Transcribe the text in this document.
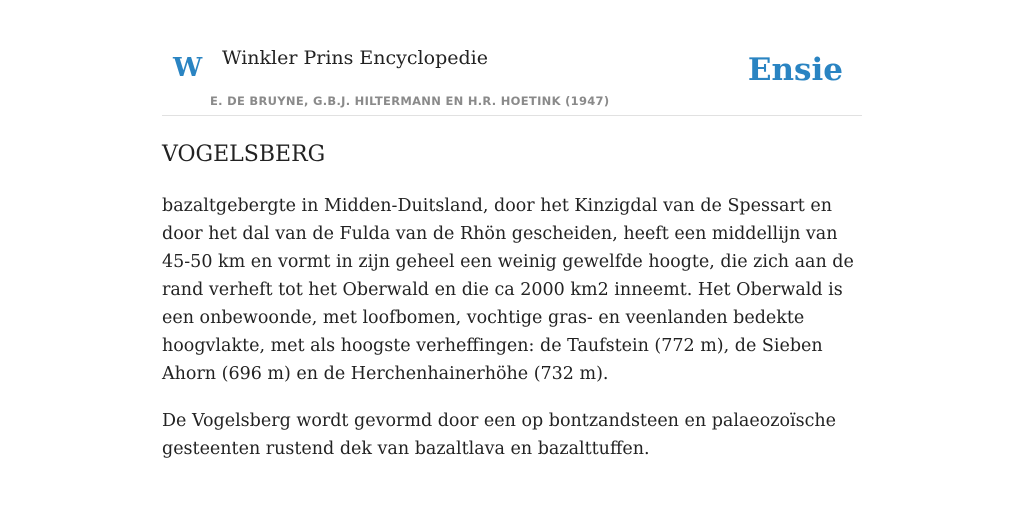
W Winkler Prins Encyclopedie
E. DE BRUYNE, G.B.J. HILTERMANN EN H.R. HOETINK (1947)
Ensie
VOGELSBERG

bazaltgebergte in Midden-Duitsland, door het Kinzigdal van de Spessart en door het dal van de Fulda van de Rhön gescheiden, heeft een middellijn van 45-50 km en vormt in zijn geheel een weinig gewelfde hoogte, die zich aan de rand verheft tot het Oberwald en die ca 2000 km2 inneemt. Het Oberwald is een onbewoonde, met loofbomen, vochtige gras- en veenlanden bedekte hoogvlakte, met als hoogste verheffingen: de Taufstein (772 m), de Sieben Ahorn (696 m) en de Herchenhainerhöhe (732 m).

De Vogelsberg wordt gevormd door een op bontzandsteen en palaeozoïsche gesteenten rustend dek van bazaltlava en bazalttuffen.
